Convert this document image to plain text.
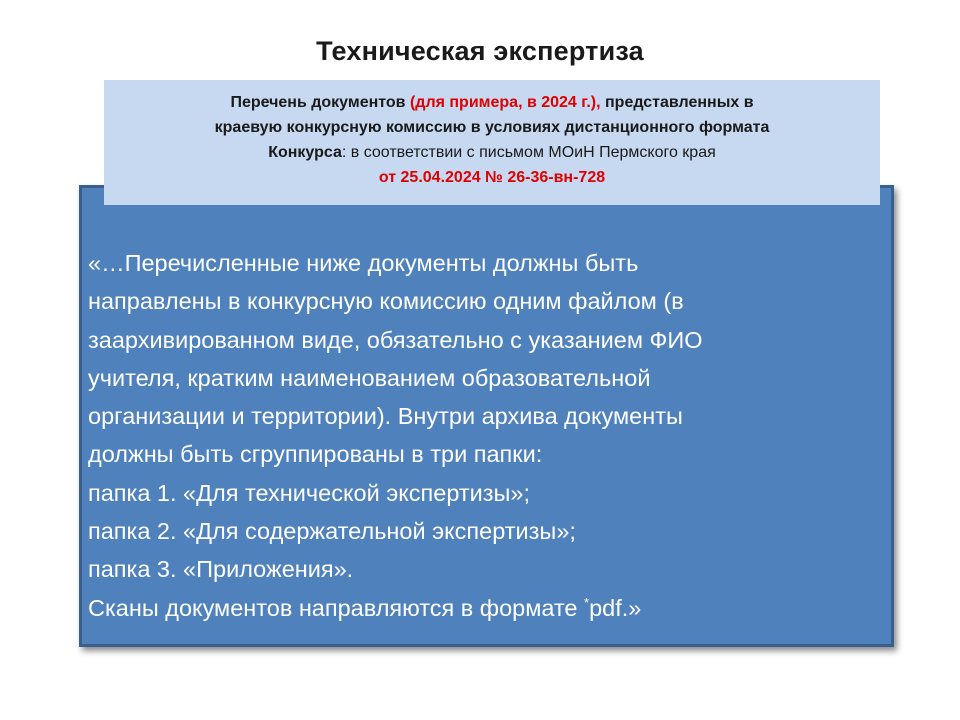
Техническая экспертиза
«…Перечисленные ниже документы должны быть
направлены в конкурсную комиссию одним файлом (в
заархивированном виде, обязательно с указанием ФИО
учителя, кратким наименованием образовательной
организации и территории). Внутри архива документы
должны быть сгруппированы в три папки:
папка 1. «Для технической экспертизы»;
папка 2. «Для содержательной экспертизы»;
папка 3. «Приложения».
Сканы документов направляются в формате *pdf.»
Перечень документов (для примера, в 2024 г.), представленных в
краевую конкурсную комиссию в условиях дистанционного формата
Конкурса: в соответствии с письмом МОиН Пермского края
от 25.04.2024 № 26-36-вн-728
